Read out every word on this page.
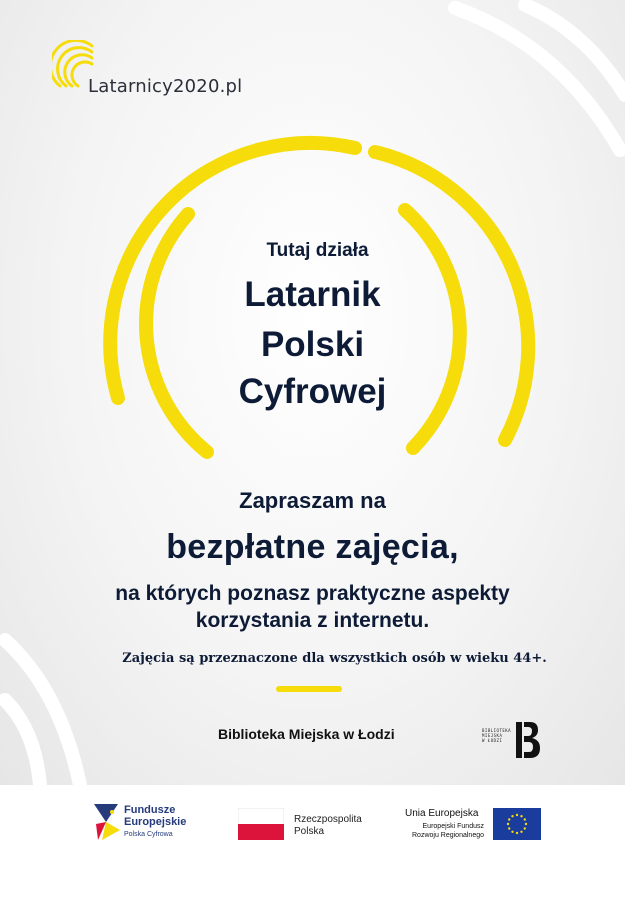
Latarnicy2020.pl
Tutaj działa
Latarnik
Polski
Cyfrowej
Zapraszam na
bezpłatne zajęcia,
na których poznasz praktyczne aspekty
korzystania z internetu.
Zajęcia są przeznaczone dla wszystkich osób w wieku 44+.
Biblioteka Miejska w Łodzi	BIBLIOTEKA
MIEJSKA
W ŁODZI
Fundusze
Europejskie
Polska Cyfrowa
Rzeczpospolita
Polska
Unia Europejska
Europejski Fundusz
Rozwoju Regionalnego
